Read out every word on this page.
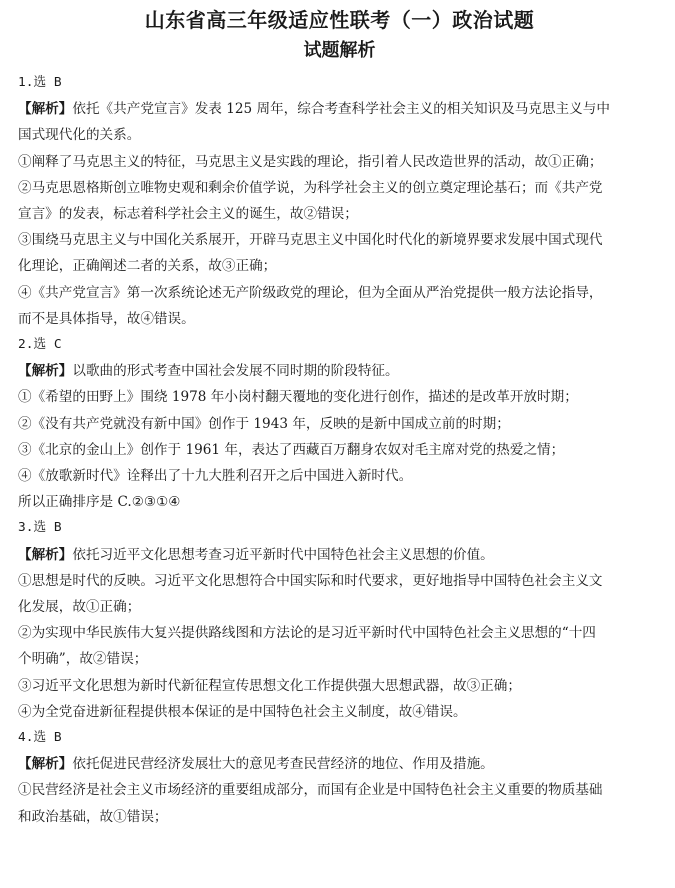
山东省高三年级适应性联考（一）政治试题
试题解析

1.选 B

【解析】依托《共产党宣言》发表 125 周年，综合考查科学社会主义的相关知识及马克思主义与中

国式现代化的关系。

①阐释了马克思主义的特征，马克思主义是实践的理论，指引着人民改造世界的活动，故①正确；

②马克思恩格斯创立唯物史观和剩余价值学说，为科学社会主义的创立奠定理论基石；而《共产党

宣言》的发表，标志着科学社会主义的诞生，故②错误；

③围绕马克思主义与中国化关系展开，开辟马克思主义中国化时代化的新境界要求发展中国式现代

化理论，正确阐述二者的关系，故③正确；

④《共产党宣言》第一次系统论述无产阶级政党的理论，但为全面从严治党提供一般方法论指导，

而不是具体指导，故④错误。

2.选 C

【解析】以歌曲的形式考查中国社会发展不同时期的阶段特征。

①《希望的田野上》围绕 1978 年小岗村翻天覆地的变化进行创作，描述的是改革开放时期；

②《没有共产党就没有新中国》创作于 1943 年，反映的是新中国成立前的时期；

③《北京的金山上》创作于 1961 年，表达了西藏百万翻身农奴对毛主席对党的热爱之情；

④《放歌新时代》诠释出了十九大胜利召开之后中国进入新时代。

所以正确排序是 C.②③①④

3.选 B

【解析】依托习近平文化思想考查习近平新时代中国特色社会主义思想的价值。

①思想是时代的反映。习近平文化思想符合中国实际和时代要求，更好地指导中国特色社会主义文

化发展，故①正确；

②为实现中华民族伟大复兴提供路线图和方法论的是习近平新时代中国特色社会主义思想的“十四

个明确”，故②错误；

③习近平文化思想为新时代新征程宣传思想文化工作提供强大思想武器，故③正确；

④为全党奋进新征程提供根本保证的是中国特色社会主义制度，故④错误。

4.选 B

【解析】依托促进民营经济发展壮大的意见考查民营经济的地位、作用及措施。

①民营经济是社会主义市场经济的重要组成部分，而国有企业是中国特色社会主义重要的物质基础

和政治基础，故①错误；
